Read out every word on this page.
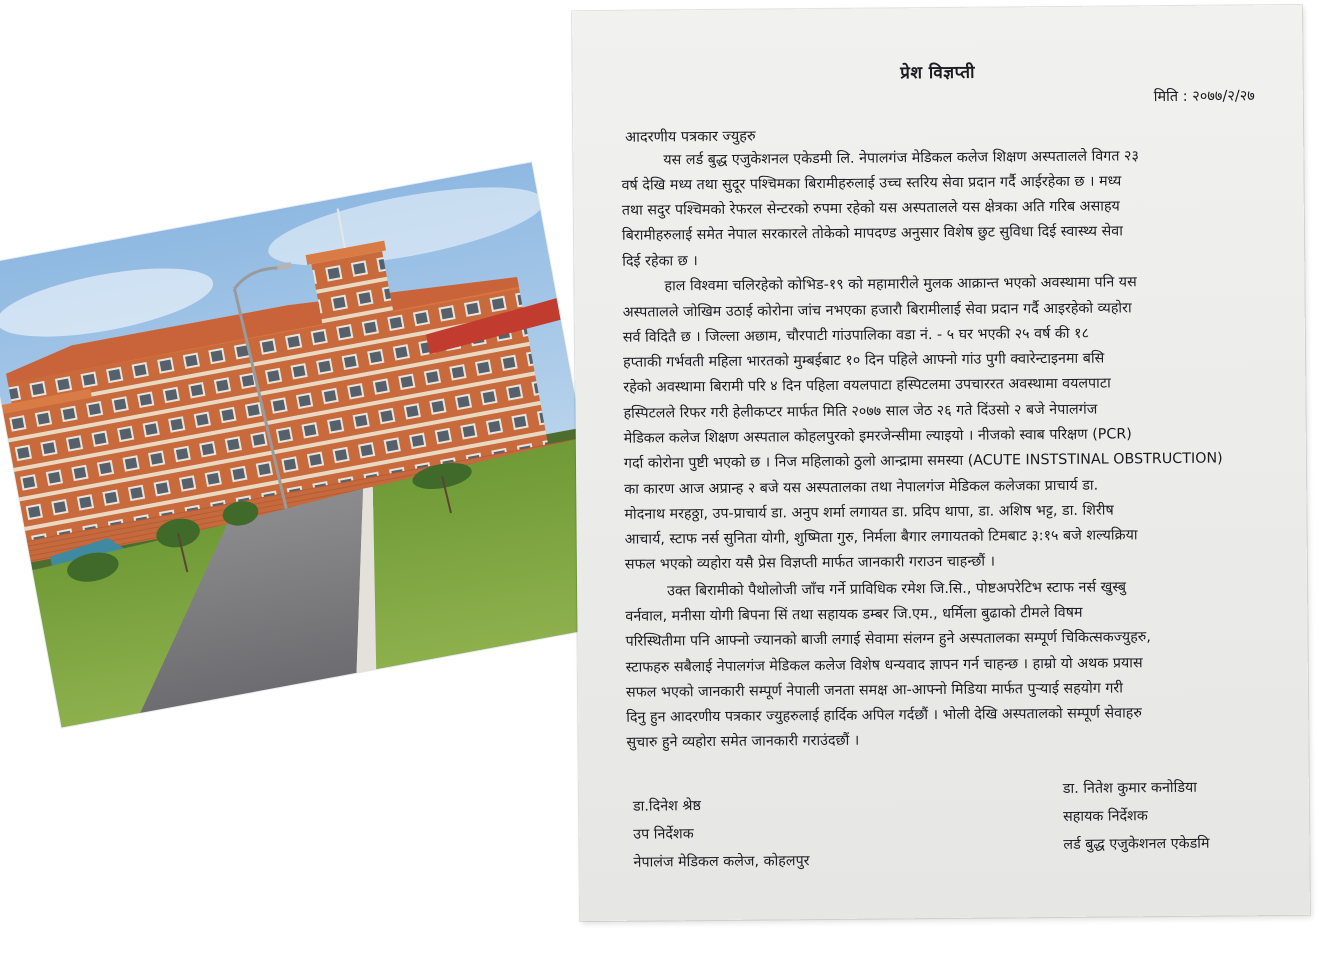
प्रेश विज्ञप्ती
मिति : २०७७/२/२७
आदरणीय पत्रकार ज्युहरु
यस लर्ड बुद्ध एजुकेशनल एकेडमी लि. नेपालगंज मेडिकल कलेज शिक्षण अस्पतालले विगत २३
वर्ष देखि मध्य तथा सुदूर पश्चिमका बिरामीहरुलाई उच्च स्तरिय सेवा प्रदान गर्दै आईरहेका छ । मध्य
तथा सदुर पश्चिमको रेफरल सेन्टरको रुपमा रहेको यस अस्पतालले यस क्षेत्रका अति गरिब असाहय
बिरामीहरुलाई समेत नेपाल सरकारले तोकेको मापदण्ड अनुसार विशेष छुट सुविधा दिई स्वास्थ्य सेवा
दिई रहेका छ ।
हाल विश्वमा चलिरहेको कोभिड-१९ को महामारीले मुलक आक्रान्त भएको अवस्थामा पनि यस
अस्पतालले जोखिम उठाई कोरोना जांच नभएका हजारौ बिरामीलाई सेवा प्रदान गर्दै आइरहेको व्यहोरा
सर्व विदितै छ । जिल्ला अछाम, चौरपाटी गांउपालिका वडा नं. - ५ घर भएकी २५ वर्ष की १८
हप्ताकी गर्भवती महिला भारतको मुम्बईबाट १० दिन पहिले आफ्नो गांउ पुगी क्वारेन्टाइनमा बसि
रहेको अवस्थामा बिरामी परि ४ दिन पहिला वयलपाटा हस्पिटलमा उपचाररत अवस्थामा वयलपाटा
हस्पिटलले रिफर गरी हेलीकप्टर मार्फत मिति २०७७ साल जेठ २६ गते दिंउसो २ बजे नेपालगंज
मेडिकल कलेज शिक्षण अस्पताल कोहलपुरको इमरजेन्सीमा ल्याइयो । नीजको स्वाब परिक्षण (PCR)
गर्दा कोरोना पुष्टी भएको छ । निज महिलाको ठुलो आन्द्रामा समस्या (ACUTE INSTSTINAL OBSTRUCTION)
का कारण आज अप्रान्ह २ बजे यस अस्पतालका तथा नेपालगंज मेडिकल कलेजका प्राचार्य डा.
मोदनाथ मरहठ्ठा, उप-प्राचार्य डा. अनुप शर्मा लगायत डा. प्रदिप थापा, डा. अशिष भट्ट, डा. शिरीष
आचार्य, स्टाफ नर्स सुनिता योगी, शुष्मिता गुरु, निर्मला बैगार लगायतको टिमबाट ३:१५ बजे शल्यक्रिया
सफल भएको व्यहोरा यसै प्रेस विज्ञप्ती मार्फत जानकारी गराउन चाहन्छौं ।
उक्त बिरामीको पैथोलोजी जाँच गर्ने प्राविधिक रमेश जि.सि., पोष्टअपरेटिभ स्टाफ नर्स खुस्बु
वर्नवाल, मनीसा योगी बिपना सिं तथा सहायक डम्बर जि.एम., धर्मिला बुढाको टीमले विषम
परिस्थितीमा पनि आफ्नो ज्यानको बाजी लगाई सेवामा संलग्न हुने अस्पतालका सम्पूर्ण चिकित्सकज्युहरु,
स्टाफहरु सबैलाई नेपालगंज मेडिकल कलेज विशेष धन्यवाद ज्ञापन गर्न चाहन्छ । हाम्रो यो अथक प्रयास
सफल भएको जानकारी सम्पूर्ण नेपाली जनता समक्ष आ-आफ्नो मिडिया मार्फत पुर्‍याई सहयोग गरी
दिनु हुन आदरणीय पत्रकार ज्युहरुलाई हार्दिक अपिल गर्दछौं । भोली देखि अस्पतालको सम्पूर्ण सेवाहरु
सुचारु हुने व्यहोरा समेत जानकारी गराउंदछौं ।
डा.दिनेश श्रेष्ठ
उप निर्देशक
नेपालंज मेडिकल कलेज, कोहलपुर
डा. नितेश कुमार कनोडिया
सहायक निर्देशक
लर्ड बुद्ध एजुकेशनल एकेडमि
